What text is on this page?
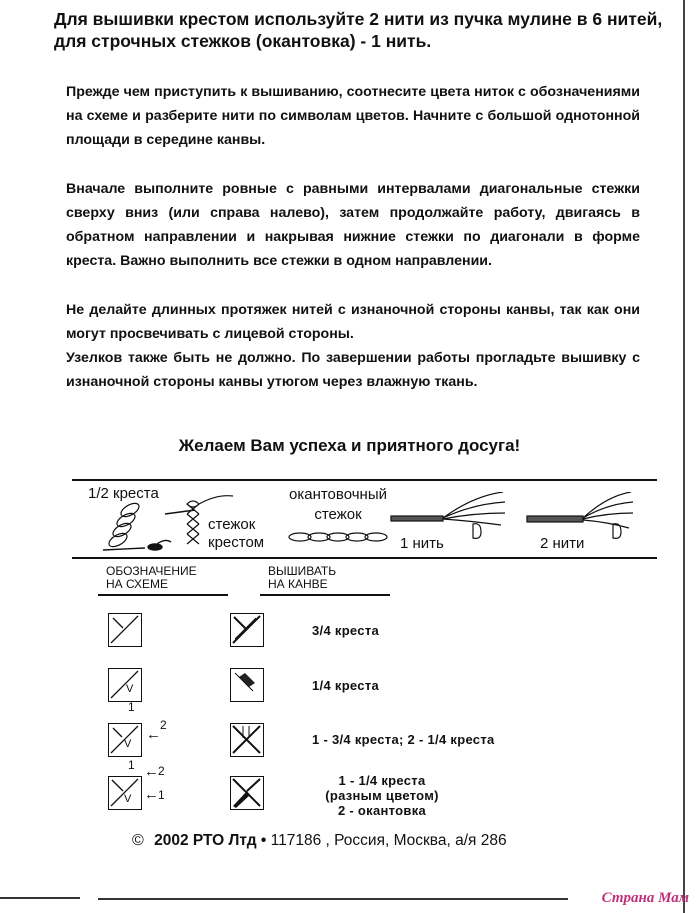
Для вышивки крестом используйте 2 нити из пучка мулине в 6 нитей, для строчных стежков (окантовка) - 1 нить.
Прежде чем приступить к вышиванию, соотнесите цвета ниток с обозначениями на схеме и разберите нити по символам цветов. Начните с большой однотонной площади в середине канвы.
Вначале выполните ровные с равными интервалами диагональные стежки сверху вниз (или справа налево), затем продолжайте работу, двигаясь в обратном направлении и накрывая нижние стежки по диагонали в форме креста. Важно выполнить все стежки в одном направлении.
Не делайте длинных протяжек нитей с изнаночной стороны канвы, так как они могут просвечивать с лицевой стороны.
Узелков также быть не должно. По завершении работы прогладьте вышивку с изнаночной стороны канвы утюгом через влажную ткань.
Желаем Вам успеха и приятного досуга!
1/2 креста
стежок
крестом
окантовочный
стежок
1 нить	2 нити
ОБОЗНАЧЕНИЕ
НА СХЕМЕ
ВЫШИВАТЬ
НА КАНВЕ
3/4 креста
V	1/4 креста
1
V
←
2
1 - 3/4 креста; 2 - 1/4 креста
1
V
← 2
← 1
1 - 1/4 креста
(разным цветом)
2 - окантовка
© 2002 РТО Лтд • 117186 , Россия, Москва, а/я 286
Страна Мам
